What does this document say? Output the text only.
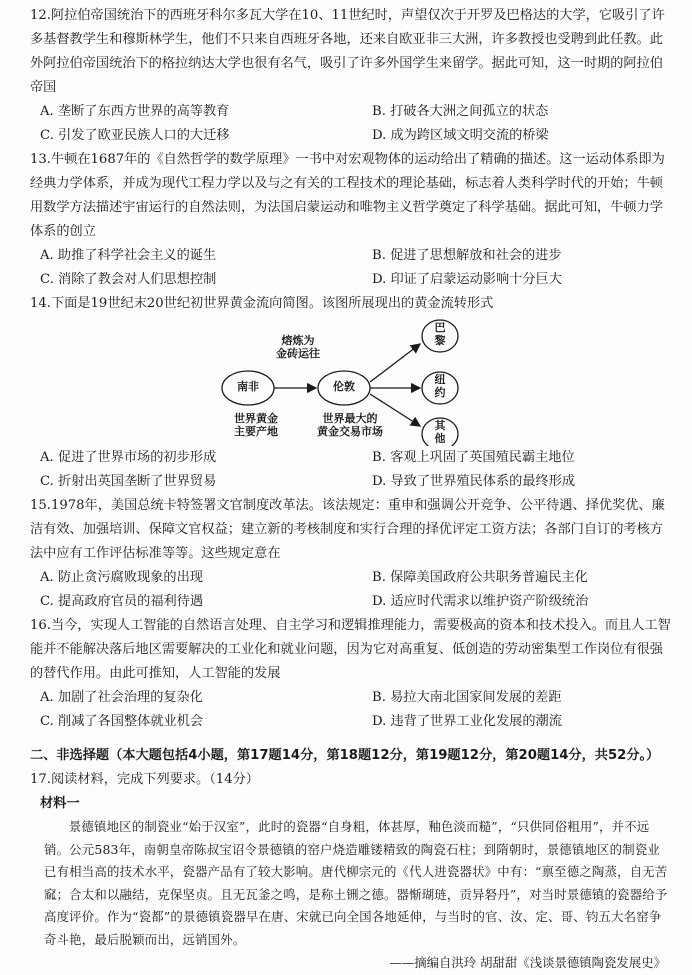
12.阿拉伯帝国统治下的西班牙科尔多瓦大学在10、11世纪时，声望仅次于开罗及巴格达的大学，它吸引了许多基督教学生和穆斯林学生，他们不只来自西班牙各地，还来自欧亚非三大洲，许多教授也受聘到此任教。此外阿拉伯帝国统治下的格拉纳达大学也很有名气，吸引了许多外国学生来留学。据此可知，这一时期的阿拉伯帝国

A. 垄断了东西方世界的高等教育	B. 打破各大洲之间孤立的状态
C. 引发了欧亚民族人口的大迁移	D. 成为跨区域文明交流的桥梁

13.牛顿在1687年的《自然哲学的数学原理》一书中对宏观物体的运动给出了精确的描述。这一运动体系即为经典力学体系，并成为现代工程力学以及与之有关的工程技术的理论基础，标志着人类科学时代的开始；牛顿用数学方法描述宇宙运行的自然法则，为法国启蒙运动和唯物主义哲学奠定了科学基础。据此可知，牛顿力学体系的创立

A. 助推了科学社会主义的诞生	B. 促进了思想解放和社会的进步
C. 消除了教会对人们思想控制	D. 印证了启蒙运动影响十分巨大

14.下面是19世纪末20世纪初世界黄金流向简图。该图所展现出的黄金流转形式

南非	伦敦
巴黎
纽约
其他
熔炼为
金砖运往
世界黄金
主要产地
世界最大的
黄金交易市场
A. 促进了世界市场的初步形成	B. 客观上巩固了英国殖民霸主地位
C. 折射出英国垄断了世界贸易	D. 导致了世界殖民体系的最终形成

15.1978年，美国总统卡特签署文官制度改革法。该法规定：重申和强调公开竞争、公平待遇、择优奖优、廉洁有效、加强培训、保障文官权益；建立新的考核制度和实行合理的择优评定工资方法；各部门自订的考核方法中应有工作评估标准等等。这些规定意在

A. 防止贪污腐败现象的出现	B. 保障美国政府公共职务普遍民主化
C. 提高政府官员的福利待遇	D. 适应时代需求以维护资产阶级统治

16.当今，实现人工智能的自然语言处理、自主学习和逻辑推理能力，需要极高的资本和技术投入。而且人工智能并不能解决落后地区需要解决的工业化和就业问题，因为它对高重复、低创造的劳动密集型工作岗位有很强的替代作用。由此可推知，人工智能的发展

A. 加剧了社会治理的复杂化	B. 易拉大南北国家间发展的差距
C. 削减了各国整体就业机会	D. 违背了世界工业化发展的潮流
二、非选择题（本大题包括4小题，第17题14分，第18题12分，第19题12分，第20题14分，共52分。）
17.阅读材料，完成下列要求。（14分）
材料一
景德镇地区的制瓷业“始于汉室”，此时的瓷器“自身粗，体甚厚，釉色淡而糙”，“只供同俗粗用”，并不远销。公元583年，南朝皇帝陈叔宝诏令景德镇的窑户烧造雕镂精致的陶瓷石柱；到隋朝时，景德镇地区的制瓷业已有相当高的技术水平，瓷器产品有了较大影响。唐代柳宗元的《代人进瓷器状》中有：“禀至德之陶蒸，自无苦窳；合太和以融结，克保坚贞。且无瓦釜之鸣，是称土铏之德。器惭瑚琏，贡异砮丹”，对当时景德镇的瓷器给予高度评价。作为“瓷都”的景德镇瓷器早在唐、宋就已向全国各地延伸，与当时的官、汝、定、哥、钧五大名窑争奇斗艳，最后脱颖而出，远销国外。
——摘编自洪玲 胡甜甜《浅谈景德镇陶瓷发展史》
